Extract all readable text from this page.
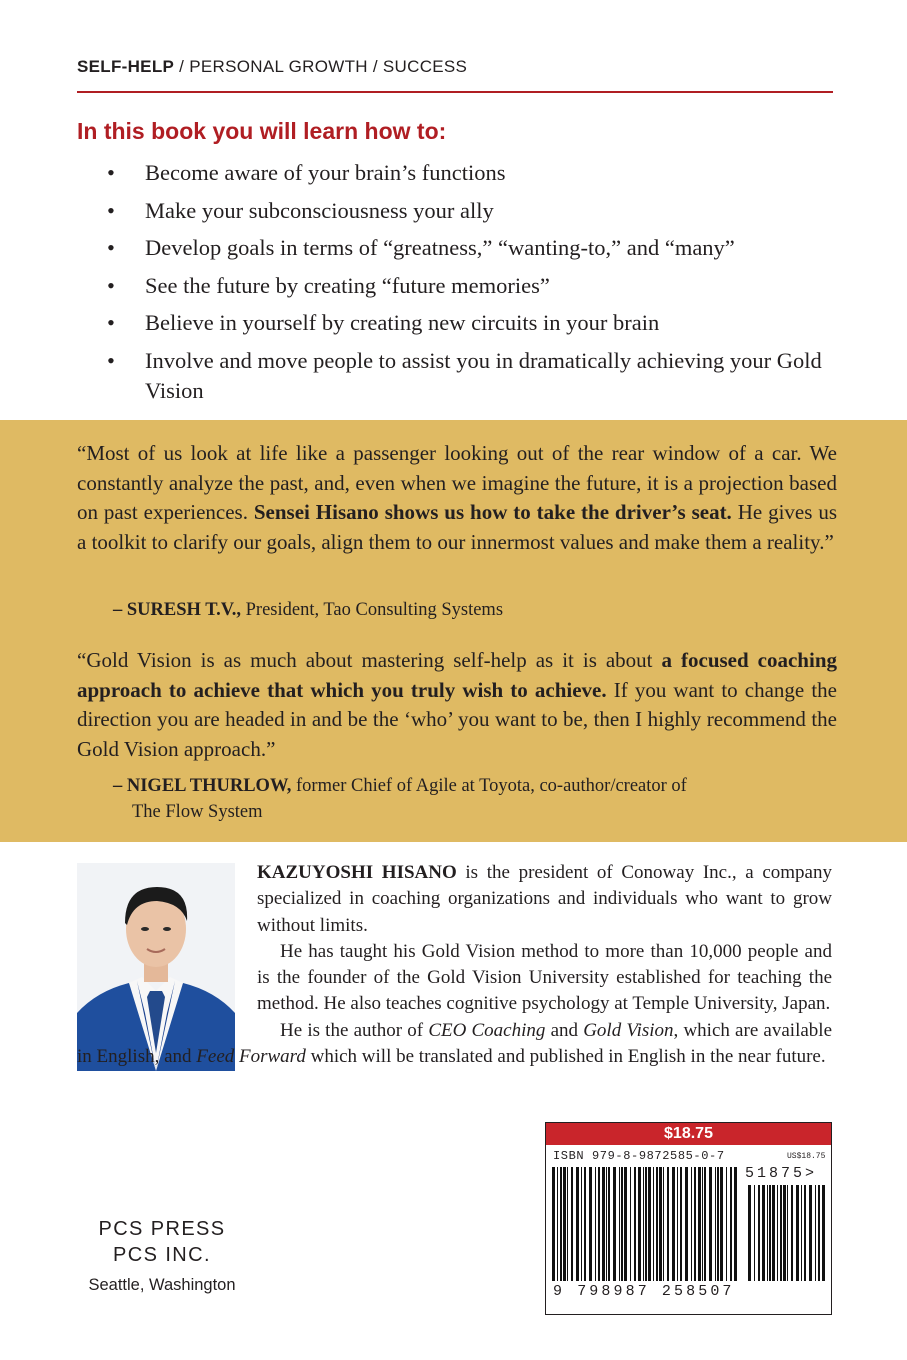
SELF-HELP / PERSONAL GROWTH / SUCCESS
In this book you will learn how to:
• Become aware of your brain’s functions
• Make your subconsciousness your ally
• Develop goals in terms of “greatness,” “wanting-to,” and “many”
• See the future by creating “future memories”
• Believe in yourself by creating new circuits in your brain
• Involve and move people to assist you in dramatically achieving your Gold Vision
“Most of us look at life like a passenger looking out of the rear window of a car. We constantly analyze the past, and, even when we imagine the future, it is a projection based on past experiences. Sensei Hisano shows us how to take the driver’s seat. He gives us a toolkit to clarify our goals, align them to our innermost values and make them a reality.”
– SURESH T.V., President, Tao Consulting Systems
“Gold Vision is as much about mastering self-help as it is about a focused coaching approach to achieve that which you truly wish to achieve. If you want to change the direction you are headed in and be the ‘who’ you want to be, then I highly recommend the Gold Vision approach.”
– NIGEL THURLOW, former Chief of Agile at Toyota, co-author/creator of
The Flow System

KAZUYOSHI HISANO is the president of Conoway Inc., a company specialized in coaching organizations and individuals who want to grow without limits.

He has taught his Gold Vision method to more than 10,000 people and is the founder of the Gold Vision University established for teaching the method. He also teaches cognitive psychology at Temple University, Japan.

He is the author of CEO Coaching and Gold Vision, which are available in English, and Feed Forward which will be translated and published in English in the near future.

PCS PRESS
PCS INC.
Seattle, Washington
$18.75
ISBN 979-8-9872585-0-7	US$18.75
51875>
9 798987 258507
